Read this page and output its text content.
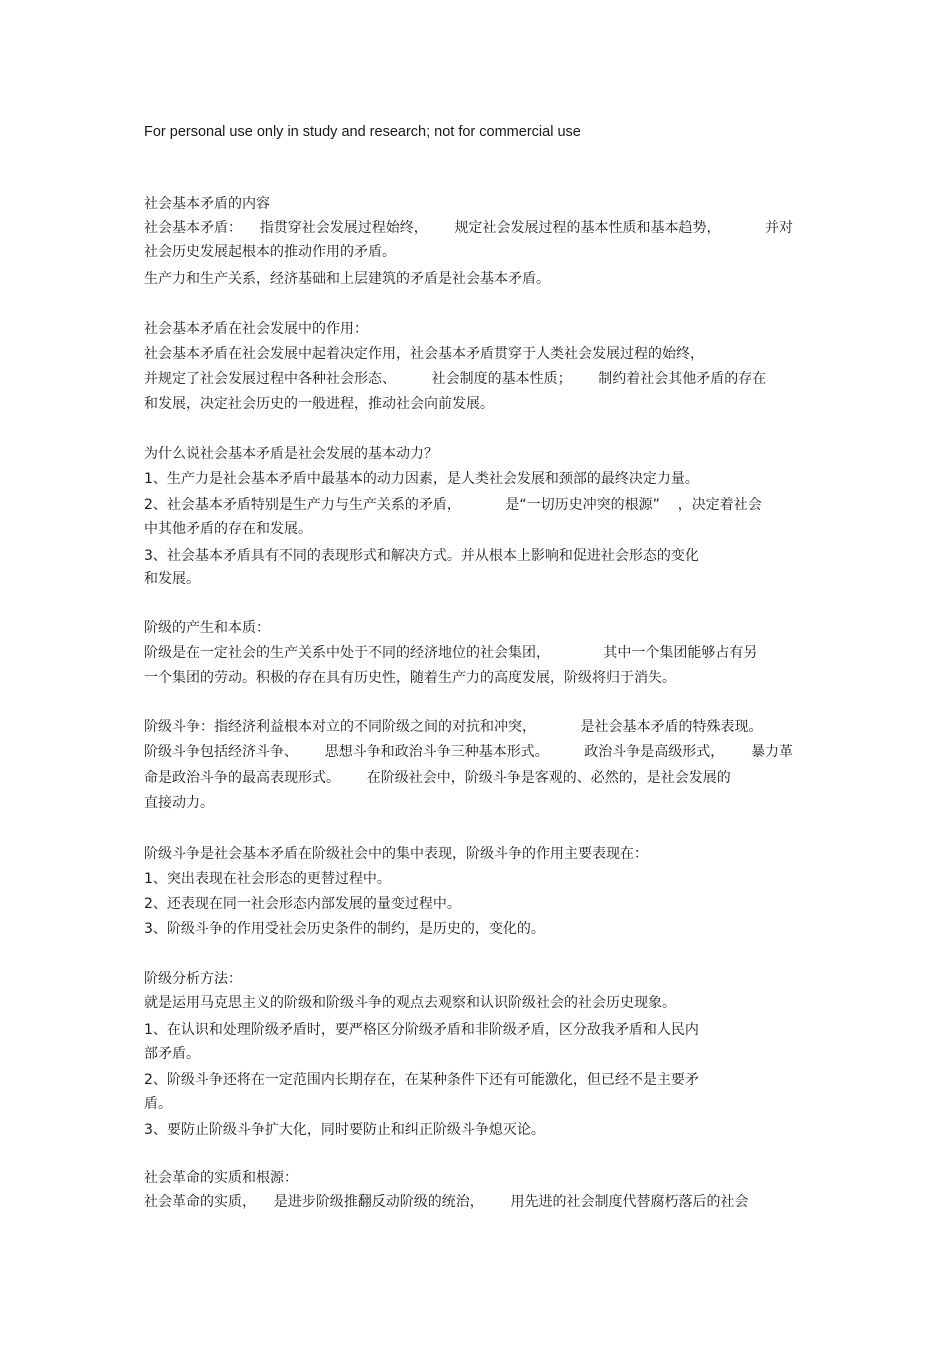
For personal use only in study and research; not for commercial use

社会基本矛盾的内容

社会基本矛盾：    指贯穿社会发展过程始终，      规定社会发展过程的基本性质和基本趋势，          并对

社会历史发展起根本的推动作用的矛盾。

生产力和生产关系，经济基础和上层建筑的矛盾是社会基本矛盾。

社会基本矛盾在社会发展中的作用：

社会基本矛盾在社会发展中起着决定作用，社会基本矛盾贯穿于人类社会发展过程的始终，

并规定了社会发展过程中各种社会形态、        社会制度的基本性质；      制约着社会其他矛盾的存在

和发展，决定社会历史的一般进程，推动社会向前发展。

为什么说社会基本矛盾是社会发展的基本动力？

1、生产力是社会基本矛盾中最基本的动力因素，是人类社会发展和颈部的最终决定力量。

2、社会基本矛盾特别是生产力与生产关系的矛盾，          是“一切历史冲突的根源”    ，决定着社会

中其他矛盾的存在和发展。

3、社会基本矛盾具有不同的表现形式和解决方式。并从根本上影响和促进社会形态的变化

和发展。

阶级的产生和本质：

阶级是在一定社会的生产关系中处于不同的经济地位的社会集团，            其中一个集团能够占有另

一个集团的劳动。积极的存在具有历史性，随着生产力的高度发展，阶级将归于消失。

阶级斗争：指经济利益根本对立的不同阶级之间的对抗和冲突，          是社会基本矛盾的特殊表现。

阶级斗争包括经济斗争、      思想斗争和政治斗争三种基本形式。        政治斗争是高级形式，      暴力革

命是政治斗争的最高表现形式。      在阶级社会中，阶级斗争是客观的、必然的，是社会发展的

直接动力。

阶级斗争是社会基本矛盾在阶级社会中的集中表现，阶级斗争的作用主要表现在：

1、突出表现在社会形态的更替过程中。

2、还表现在同一社会形态内部发展的量变过程中。

3、阶级斗争的作用受社会历史条件的制约，是历史的，变化的。

阶级分析方法：

就是运用马克思主义的阶级和阶级斗争的观点去观察和认识阶级社会的社会历史现象。

1、在认识和处理阶级矛盾时，要严格区分阶级矛盾和非阶级矛盾，区分敌我矛盾和人民内

部矛盾。

2、阶级斗争还将在一定范围内长期存在，在某种条件下还有可能激化，但已经不是主要矛

盾。

3、要防止阶级斗争扩大化，同时要防止和纠正阶级斗争熄灭论。

社会革命的实质和根源：

社会革命的实质，    是进步阶级推翻反动阶级的统治，      用先进的社会制度代替腐朽落后的社会
